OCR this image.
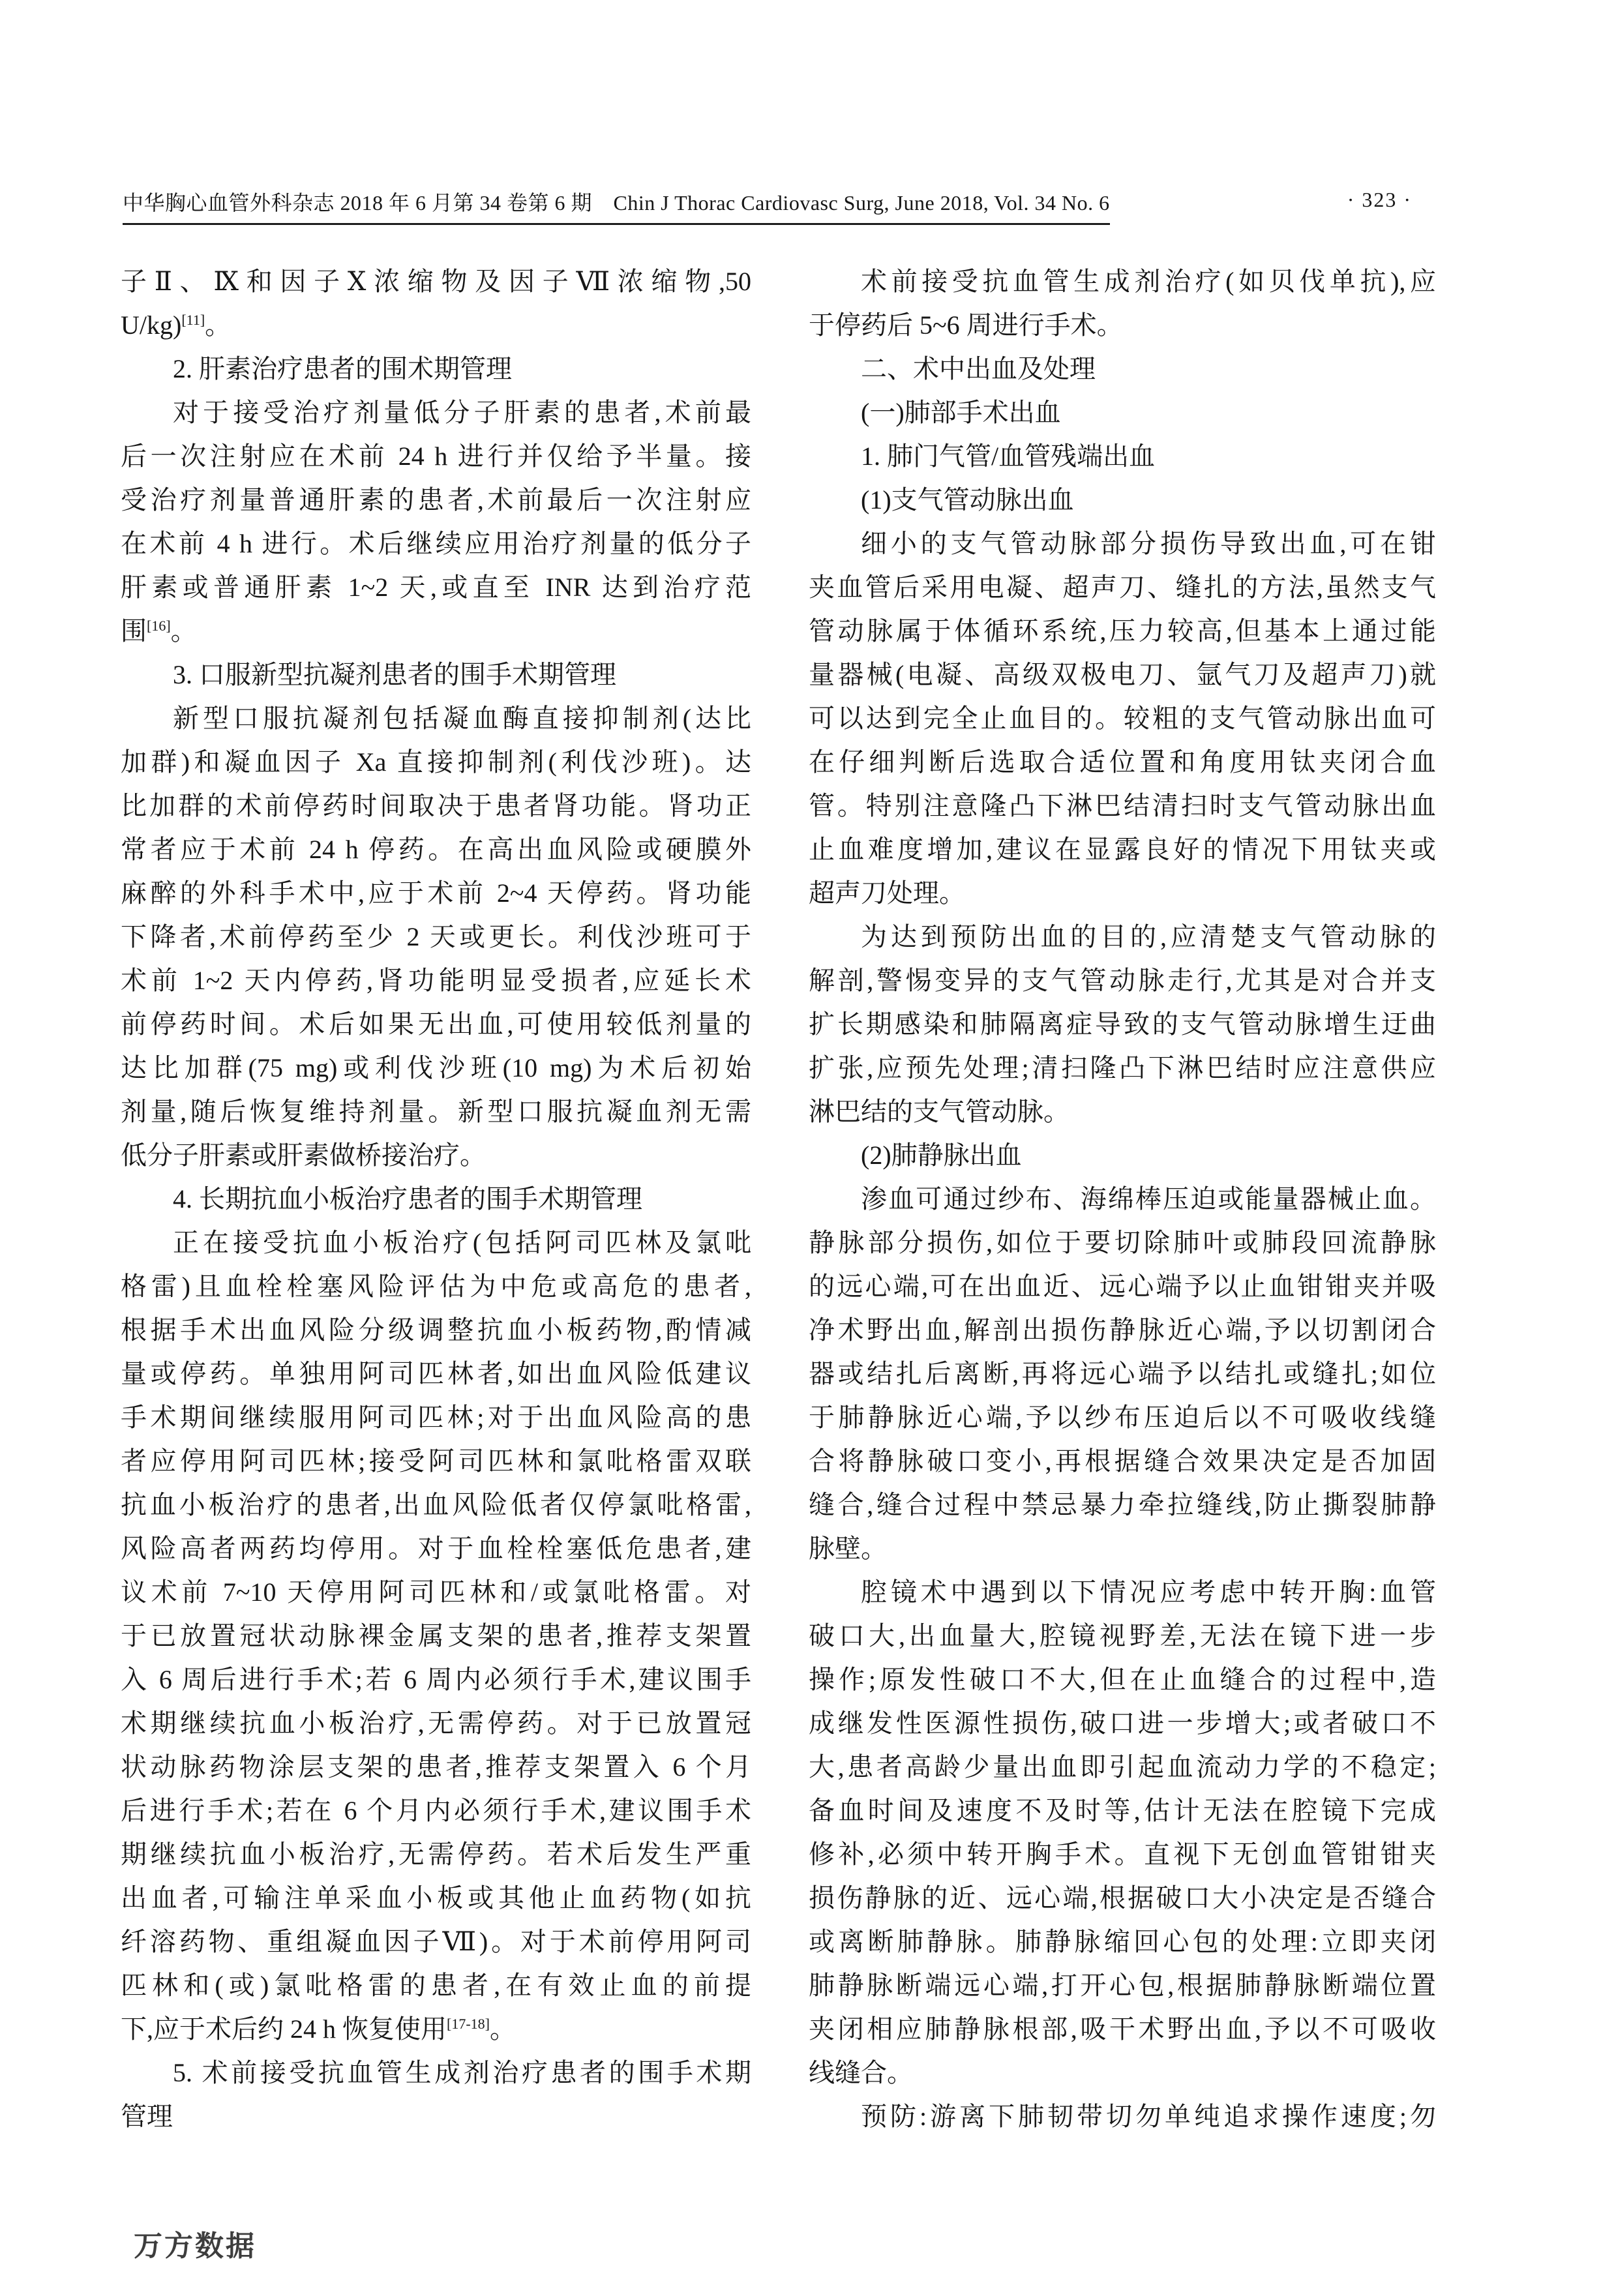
中华胸心血管外科杂志 2018 年 6 月第 34 卷第 6 期　Chin J Thorac Cardiovasc Surg, June 2018, Vol. 34 No. 6	· 323 ·
子Ⅱ、Ⅸ和因子Ⅹ浓缩物及因子Ⅶ浓缩物,50
U/kg)[11]。
2. 肝素治疗患者的围术期管理
对于接受治疗剂量低分子肝素的患者,术前最
后一次注射应在术前 24 h 进行并仅给予半量。接
受治疗剂量普通肝素的患者,术前最后一次注射应
在术前 4 h 进行。术后继续应用治疗剂量的低分子
肝素或普通肝素 1~2 天,或直至 INR 达到治疗范
围[16]。
3. 口服新型抗凝剂患者的围手术期管理
新型口服抗凝剂包括凝血酶直接抑制剂(达比
加群)和凝血因子 Xa 直接抑制剂(利伐沙班)。达
比加群的术前停药时间取决于患者肾功能。肾功正
常者应于术前 24 h 停药。在高出血风险或硬膜外
麻醉的外科手术中,应于术前 2~4 天停药。肾功能
下降者,术前停药至少 2 天或更长。利伐沙班可于
术前 1~2 天内停药,肾功能明显受损者,应延长术
前停药时间。术后如果无出血,可使用较低剂量的
达比加群(75 mg)或利伐沙班(10 mg)为术后初始
剂量,随后恢复维持剂量。新型口服抗凝血剂无需
低分子肝素或肝素做桥接治疗。
4. 长期抗血小板治疗患者的围手术期管理
正在接受抗血小板治疗(包括阿司匹林及氯吡
格雷)且血栓栓塞风险评估为中危或高危的患者,
根据手术出血风险分级调整抗血小板药物,酌情减
量或停药。单独用阿司匹林者,如出血风险低建议
手术期间继续服用阿司匹林;对于出血风险高的患
者应停用阿司匹林;接受阿司匹林和氯吡格雷双联
抗血小板治疗的患者,出血风险低者仅停氯吡格雷,
风险高者两药均停用。对于血栓栓塞低危患者,建
议术前 7~10 天停用阿司匹林和/或氯吡格雷。对
于已放置冠状动脉裸金属支架的患者,推荐支架置
入 6 周后进行手术;若 6 周内必须行手术,建议围手
术期继续抗血小板治疗,无需停药。对于已放置冠
状动脉药物涂层支架的患者,推荐支架置入 6 个月
后进行手术;若在 6 个月内必须行手术,建议围手术
期继续抗血小板治疗,无需停药。若术后发生严重
出血者,可输注单采血小板或其他止血药物(如抗
纤溶药物、重组凝血因子Ⅶ)。对于术前停用阿司
匹林和(或)氯吡格雷的患者,在有效止血的前提
下,应于术后约 24 h 恢复使用[17-18]。
5. 术前接受抗血管生成剂治疗患者的围手术期
管理
术前接受抗血管生成剂治疗(如贝伐单抗),应
于停药后 5~6 周进行手术。
二、术中出血及处理
(一)肺部手术出血
1. 肺门气管/血管残端出血
(1)支气管动脉出血
细小的支气管动脉部分损伤导致出血,可在钳
夹血管后采用电凝、超声刀、缝扎的方法,虽然支气
管动脉属于体循环系统,压力较高,但基本上通过能
量器械(电凝、高级双极电刀、氩气刀及超声刀)就
可以达到完全止血目的。较粗的支气管动脉出血可
在仔细判断后选取合适位置和角度用钛夹闭合血
管。特别注意隆凸下淋巴结清扫时支气管动脉出血
止血难度增加,建议在显露良好的情况下用钛夹或
超声刀处理。
为达到预防出血的目的,应清楚支气管动脉的
解剖,警惕变异的支气管动脉走行,尤其是对合并支
扩长期感染和肺隔离症导致的支气管动脉增生迂曲
扩张,应预先处理;清扫隆凸下淋巴结时应注意供应
淋巴结的支气管动脉。
(2)肺静脉出血
渗血可通过纱布、海绵棒压迫或能量器械止血。
静脉部分损伤,如位于要切除肺叶或肺段回流静脉
的远心端,可在出血近、远心端予以止血钳钳夹并吸
净术野出血,解剖出损伤静脉近心端,予以切割闭合
器或结扎后离断,再将远心端予以结扎或缝扎;如位
于肺静脉近心端,予以纱布压迫后以不可吸收线缝
合将静脉破口变小,再根据缝合效果决定是否加固
缝合,缝合过程中禁忌暴力牵拉缝线,防止撕裂肺静
脉壁。
腔镜术中遇到以下情况应考虑中转开胸:血管
破口大,出血量大,腔镜视野差,无法在镜下进一步
操作;原发性破口不大,但在止血缝合的过程中,造
成继发性医源性损伤,破口进一步增大;或者破口不
大,患者高龄少量出血即引起血流动力学的不稳定;
备血时间及速度不及时等,估计无法在腔镜下完成
修补,必须中转开胸手术。直视下无创血管钳钳夹
损伤静脉的近、远心端,根据破口大小决定是否缝合
或离断肺静脉。肺静脉缩回心包的处理:立即夹闭
肺静脉断端远心端,打开心包,根据肺静脉断端位置
夹闭相应肺静脉根部,吸干术野出血,予以不可吸收
线缝合。
预防:游离下肺韧带切勿单纯追求操作速度;勿
万方数据
